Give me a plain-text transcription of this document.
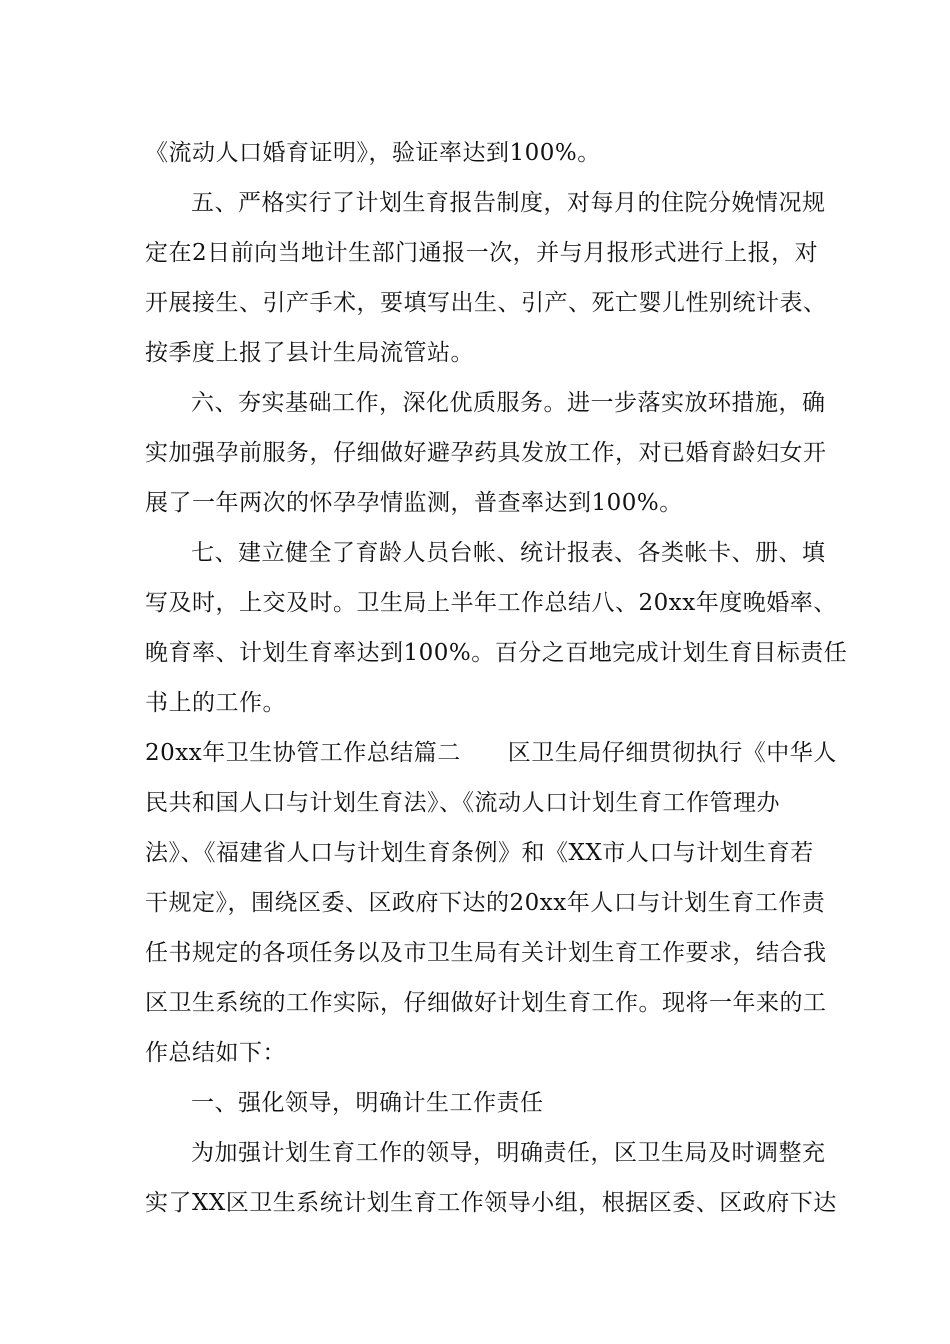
《流动人口婚育证明》，验证率达到100%。
五、严格实行了计划生育报告制度，对每月的住院分娩情况规
定在2日前向当地计生部门通报一次，并与月报形式进行上报，对
开展接生、引产手术，要填写出生、引产、死亡婴儿性别统计表、
按季度上报了县计生局流管站。
六、夯实基础工作，深化优质服务。进一步落实放环措施，确
实加强孕前服务，仔细做好避孕药具发放工作，对已婚育龄妇女开
展了一年两次的怀孕孕情监测，普查率达到100%。
七、建立健全了育龄人员台帐、统计报表、各类帐卡、册、填
写及时，上交及时。卫生局上半年工作总结八、20xx年度晚婚率、
晚育率、计划生育率达到100%。百分之百地完成计划生育目标责任
书上的工作。
20xx年卫生协管工作总结篇二　　区卫生局仔细贯彻执行《中华人
民共和国人口与计划生育法》、《流动人口计划生育工作管理办
法》、《福建省人口与计划生育条例》和《XX市人口与计划生育若
干规定》，围绕区委、区政府下达的20xx年人口与计划生育工作责
任书规定的各项任务以及市卫生局有关计划生育工作要求，结合我
区卫生系统的工作实际，仔细做好计划生育工作。现将一年来的工
作总结如下：
一、强化领导，明确计生工作责任
为加强计划生育工作的领导，明确责任，区卫生局及时调整充
实了XX区卫生系统计划生育工作领导小组，根据区委、区政府下达
